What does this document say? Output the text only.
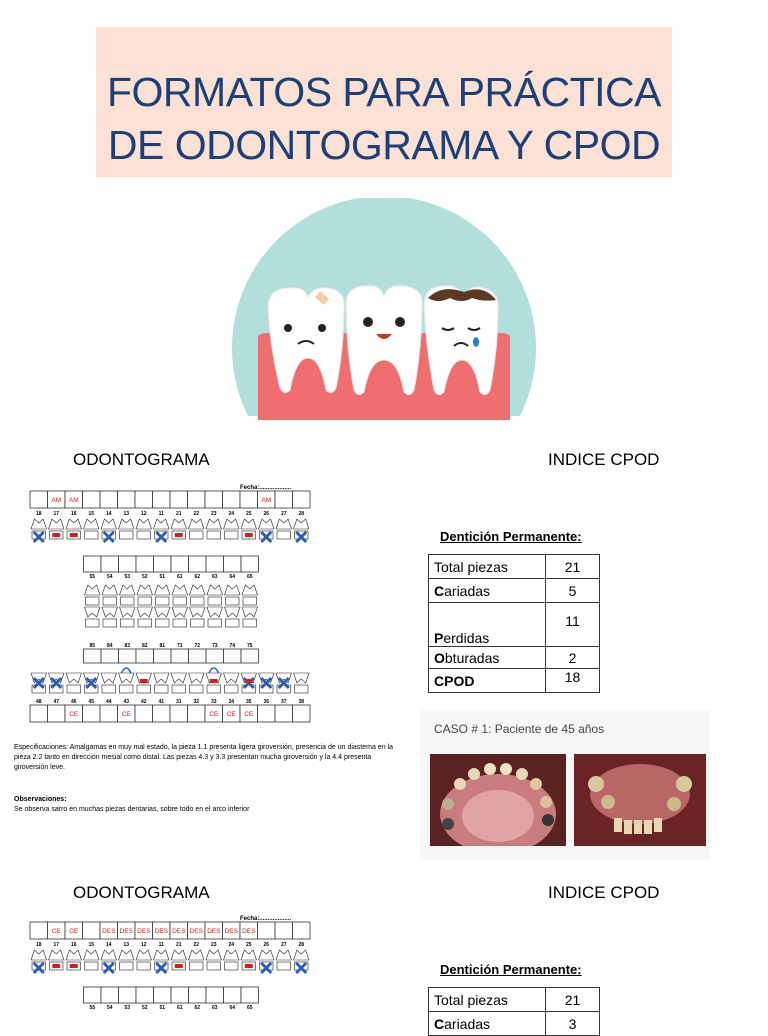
FORMATOS PARA PRÁCTICA
DE ODONTOGRAMA Y CPOD
ODONTOGRAMA	INDICE CPOD
Fecha:...................
AM AM	AM
18 17 16 15 14 13 12 11 21 22 23 24 25 26 27 28
55 54 53 52 51 61 62 63 64 65
85 84 83 82 81 71 72 73 74 75
48 47 46 45 44 43 42 41 31 32 33 34 35 36 37 38
CE	CE	CE CE CE
Especificaciones: Amalgamas en muy mal estado, la pieza 1.1 presenta ligera giroversión, presencia de un diastema en la pieza 2.2 tanto en dirección mesial como distal. Las piezas 4.3 y 3.3 presentan mucha giroversión y la 4.4 presenta giroversión leve.
Observaciones:
Se observa sarro en muchas piezas dentarias, sobre todo en el arco inferior
Dentición Permanente:
Total piezas	21
Cariadas	5
Perdidas	11
Obturadas	2
CPOD	18
CASO # 1: Paciente de 45 años
ODONTOGRAMA	INDICE CPOD
Fecha:...................
CE CE	DES DES DES DES DES DES DES DES DES
18 17 16 15 14 13 12 11 21 22 23 24 25 26 27 28
55 54 53 52 51 61 62 63 64 65
Dentición Permanente:
Total piezas	21
Cariadas	3
